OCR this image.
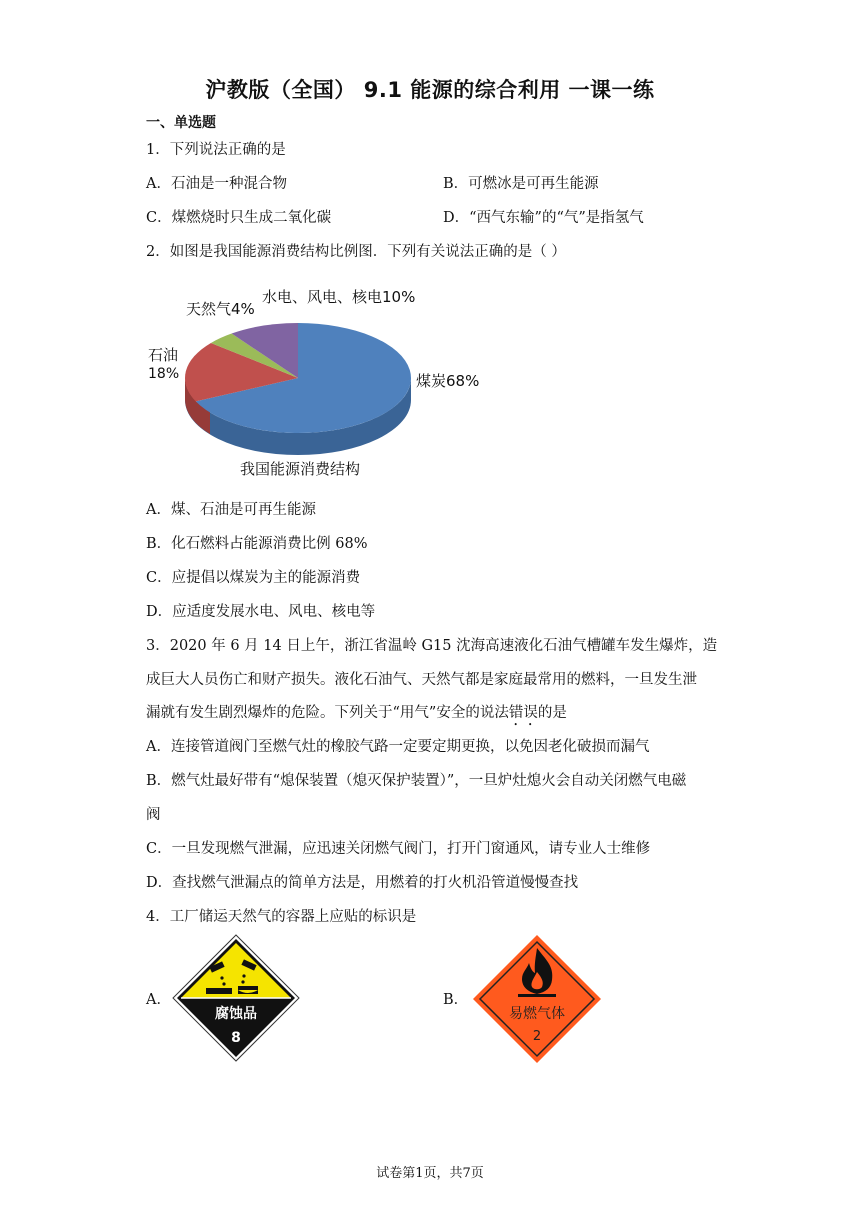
沪教版（全国） 9.1 能源的综合利用 一课一练
一、单选题
1．下列说法正确的是
A．石油是一种混合物	B．可燃冰是可再生能源
C．煤燃烧时只生成二氧化碳	D．“西气东输”的“气”是指氢气
2．如图是我国能源消费结构比例图．下列有关说法正确的是（ ）
水电、风电、核电10%
天然气4%
石油
18%	煤炭68%
我国能源消费结构
A．煤、石油是可再生能源
B．化石燃料占能源消费比例 68%
C．应提倡以煤炭为主的能源消费
D．应适度发展水电、风电、核电等
3．2020 年 6 月 14 日上午，浙江省温岭 G15 沈海高速液化石油气槽罐车发生爆炸，造
成巨大人员伤亡和财产损失。液化石油气、天然气都是家庭最常用的燃料，一旦发生泄
漏就有发生剧烈爆炸的危险。下列关于“用气”安全的说法错误的是
A．连接管道阀门至燃气灶的橡胶气路一定要定期更换，以免因老化破损而漏气
B．燃气灶最好带有“熄保装置（熄灭保护装置）”，一旦炉灶熄火会自动关闭燃气电磁
阀
C．一旦发现燃气泄漏，应迅速关闭燃气阀门，打开门窗通风，请专业人士维修
D．查找燃气泄漏点的简单方法是，用燃着的打火机沿管道慢慢查找
4．工厂储运天然气的容器上应贴的标识是
A．	B．
腐蚀品
8
易燃气体
2
试卷第1页，共7页
